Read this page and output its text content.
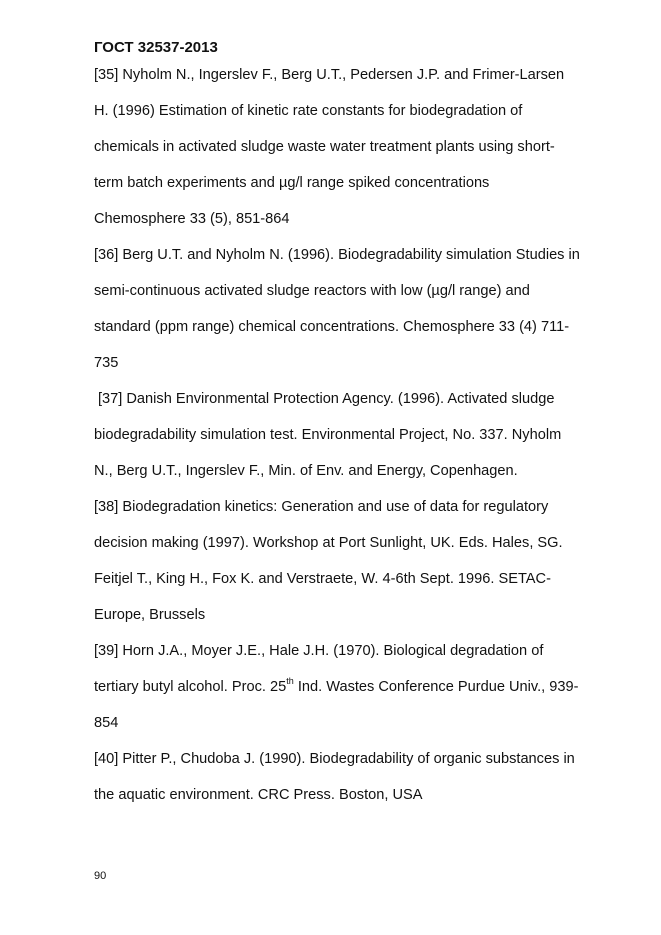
ГОСТ 32537-2013
[35] Nyholm N., Ingerslev F., Berg U.T., Pedersen J.P. and Frimer-Larsen
H. (1996) Estimation of kinetic rate constants for biodegradation of
chemicals in activated sludge waste water treatment plants using short-
term batch experiments and µg/l range spiked concentrations
Chemosphere 33 (5), 851-864
[36] Berg U.T. and Nyholm N. (1996). Biodegradability simulation Studies in
semi-continuous activated sludge reactors with low (µg/l range) and
standard (ppm range) chemical concentrations. Chemosphere 33 (4) 711-
735
[37] Danish Environmental Protection Agency. (1996). Activated sludge
biodegradability simulation test. Environmental Project, No. 337. Nyholm
N., Berg U.T., Ingerslev F., Min. of Env. and Energy, Copenhagen.
[38] Biodegradation kinetics: Generation and use of data for regulatory
decision making (1997). Workshop at Port Sunlight, UK. Eds. Hales, SG.
Feitjel T., King H., Fox K. and Verstraete, W. 4-6th Sept. 1996. SETAC-
Europe, Brussels
[39] Horn J.A., Moyer J.E., Hale J.H. (1970). Biological degradation of
tertiary butyl alcohol. Proc. 25th Ind. Wastes Conference Purdue Univ., 939-
854
[40] Pitter P., Chudoba J. (1990). Biodegradability of organic substances in
the aquatic environment. CRC Press. Boston, USA
90
